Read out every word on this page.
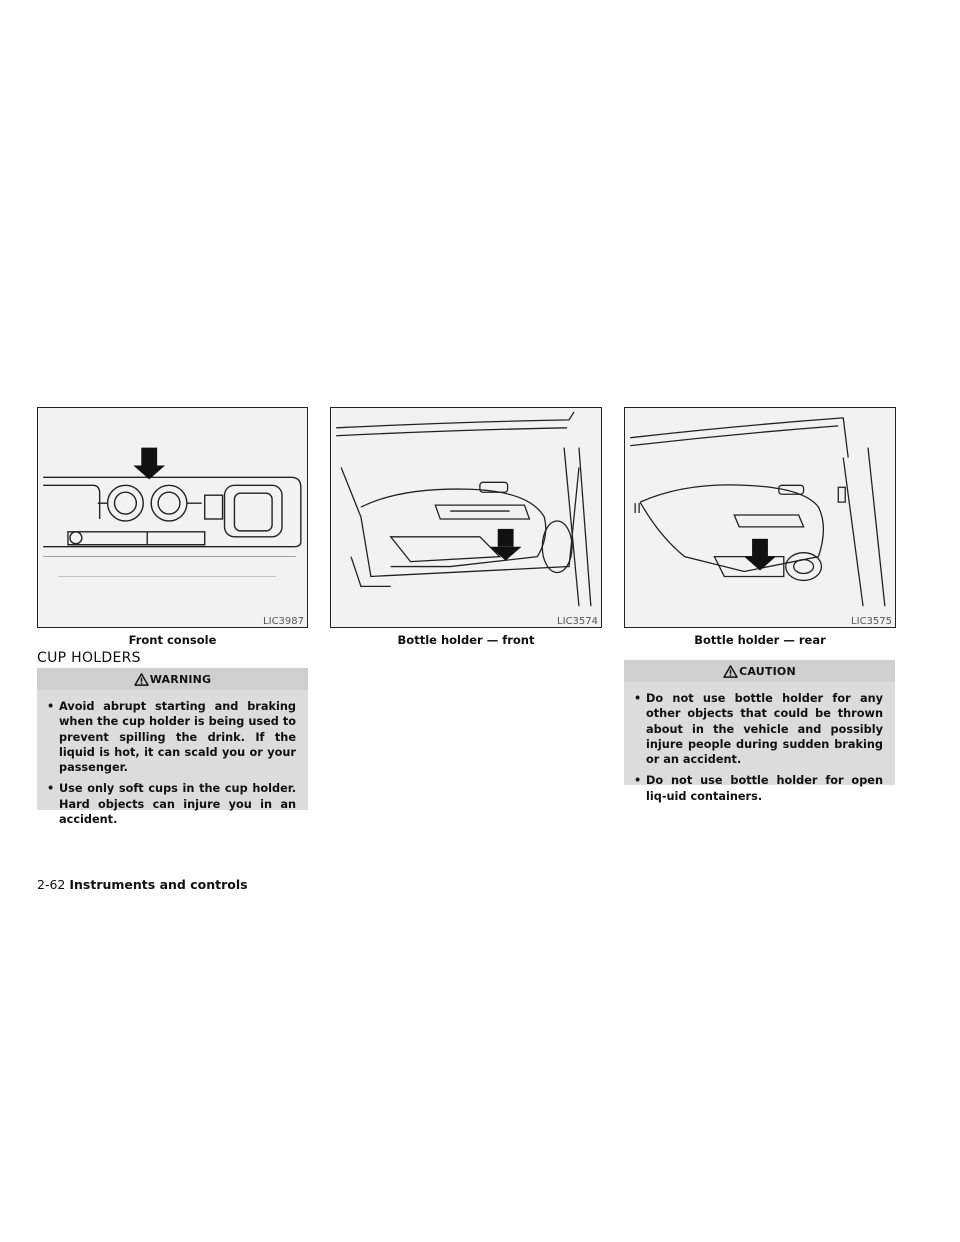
LIC3987	LIC3574	LIC3575
Front console	Bottle holder — front	Bottle holder — rear
CUP HOLDERS
WARNING
• Avoid abrupt starting and braking when the cup holder is being used to prevent spilling the drink. If the liquid is hot, it can scald you or your passenger.
• Use only soft cups in the cup holder. Hard objects can injure you in an accident.
CAUTION
• Do not use bottle holder for any other objects that could be thrown about in the vehicle and possibly injure people during sudden braking or an accident.
• Do not use bottle holder for open liq-uid containers.
2-62 Instruments and controls
